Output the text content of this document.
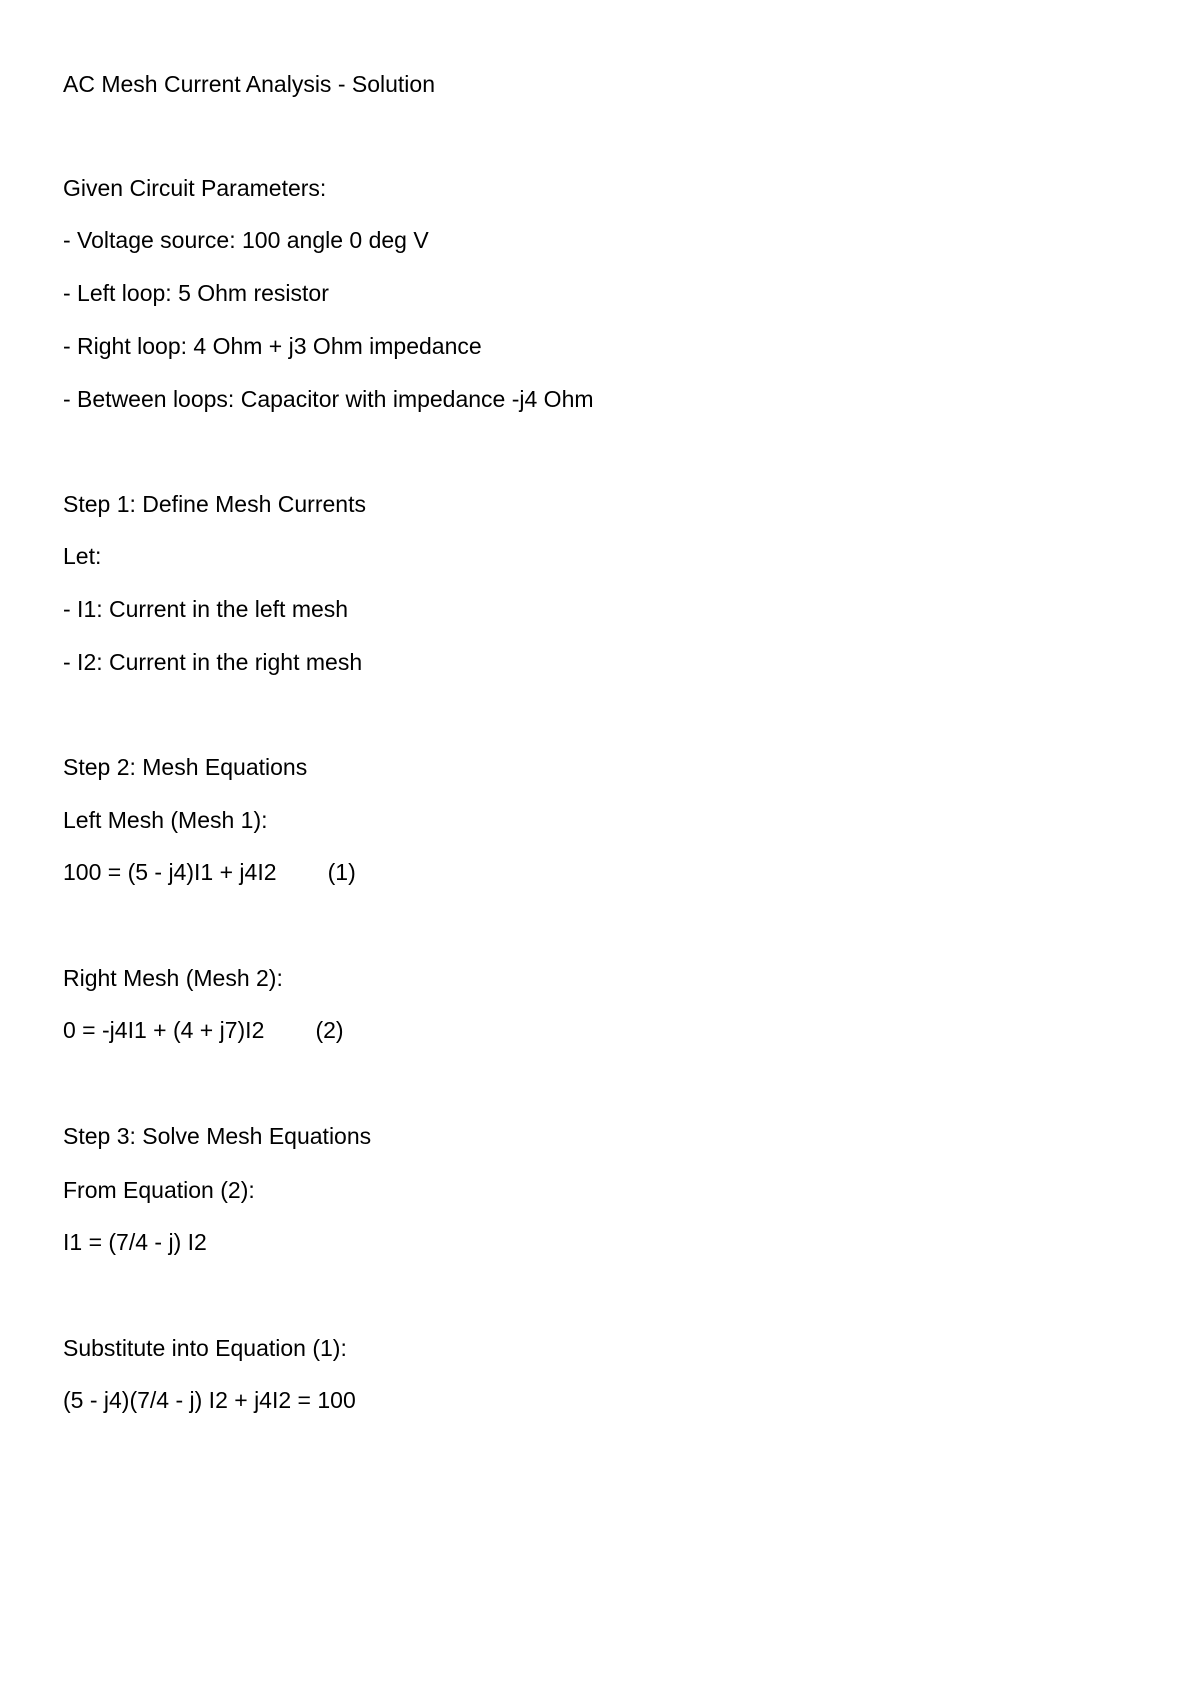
AC Mesh Current Analysis - Solution
Given Circuit Parameters:
- Voltage source: 100 angle 0 deg V
- Left loop: 5 Ohm resistor
- Right loop: 4 Ohm + j3 Ohm impedance
- Between loops: Capacitor with impedance -j4 Ohm
Step 1: Define Mesh Currents
Let:
- I1: Current in the left mesh
- I2: Current in the right mesh
Step 2: Mesh Equations
Left Mesh (Mesh 1):
100 = (5 - j4)I1 + j4I2        (1)
Right Mesh (Mesh 2):
0 = -j4I1 + (4 + j7)I2        (2)
Step 3: Solve Mesh Equations
From Equation (2):
I1 = (7/4 - j) I2
Substitute into Equation (1):
(5 - j4)(7/4 - j) I2 + j4I2 = 100
